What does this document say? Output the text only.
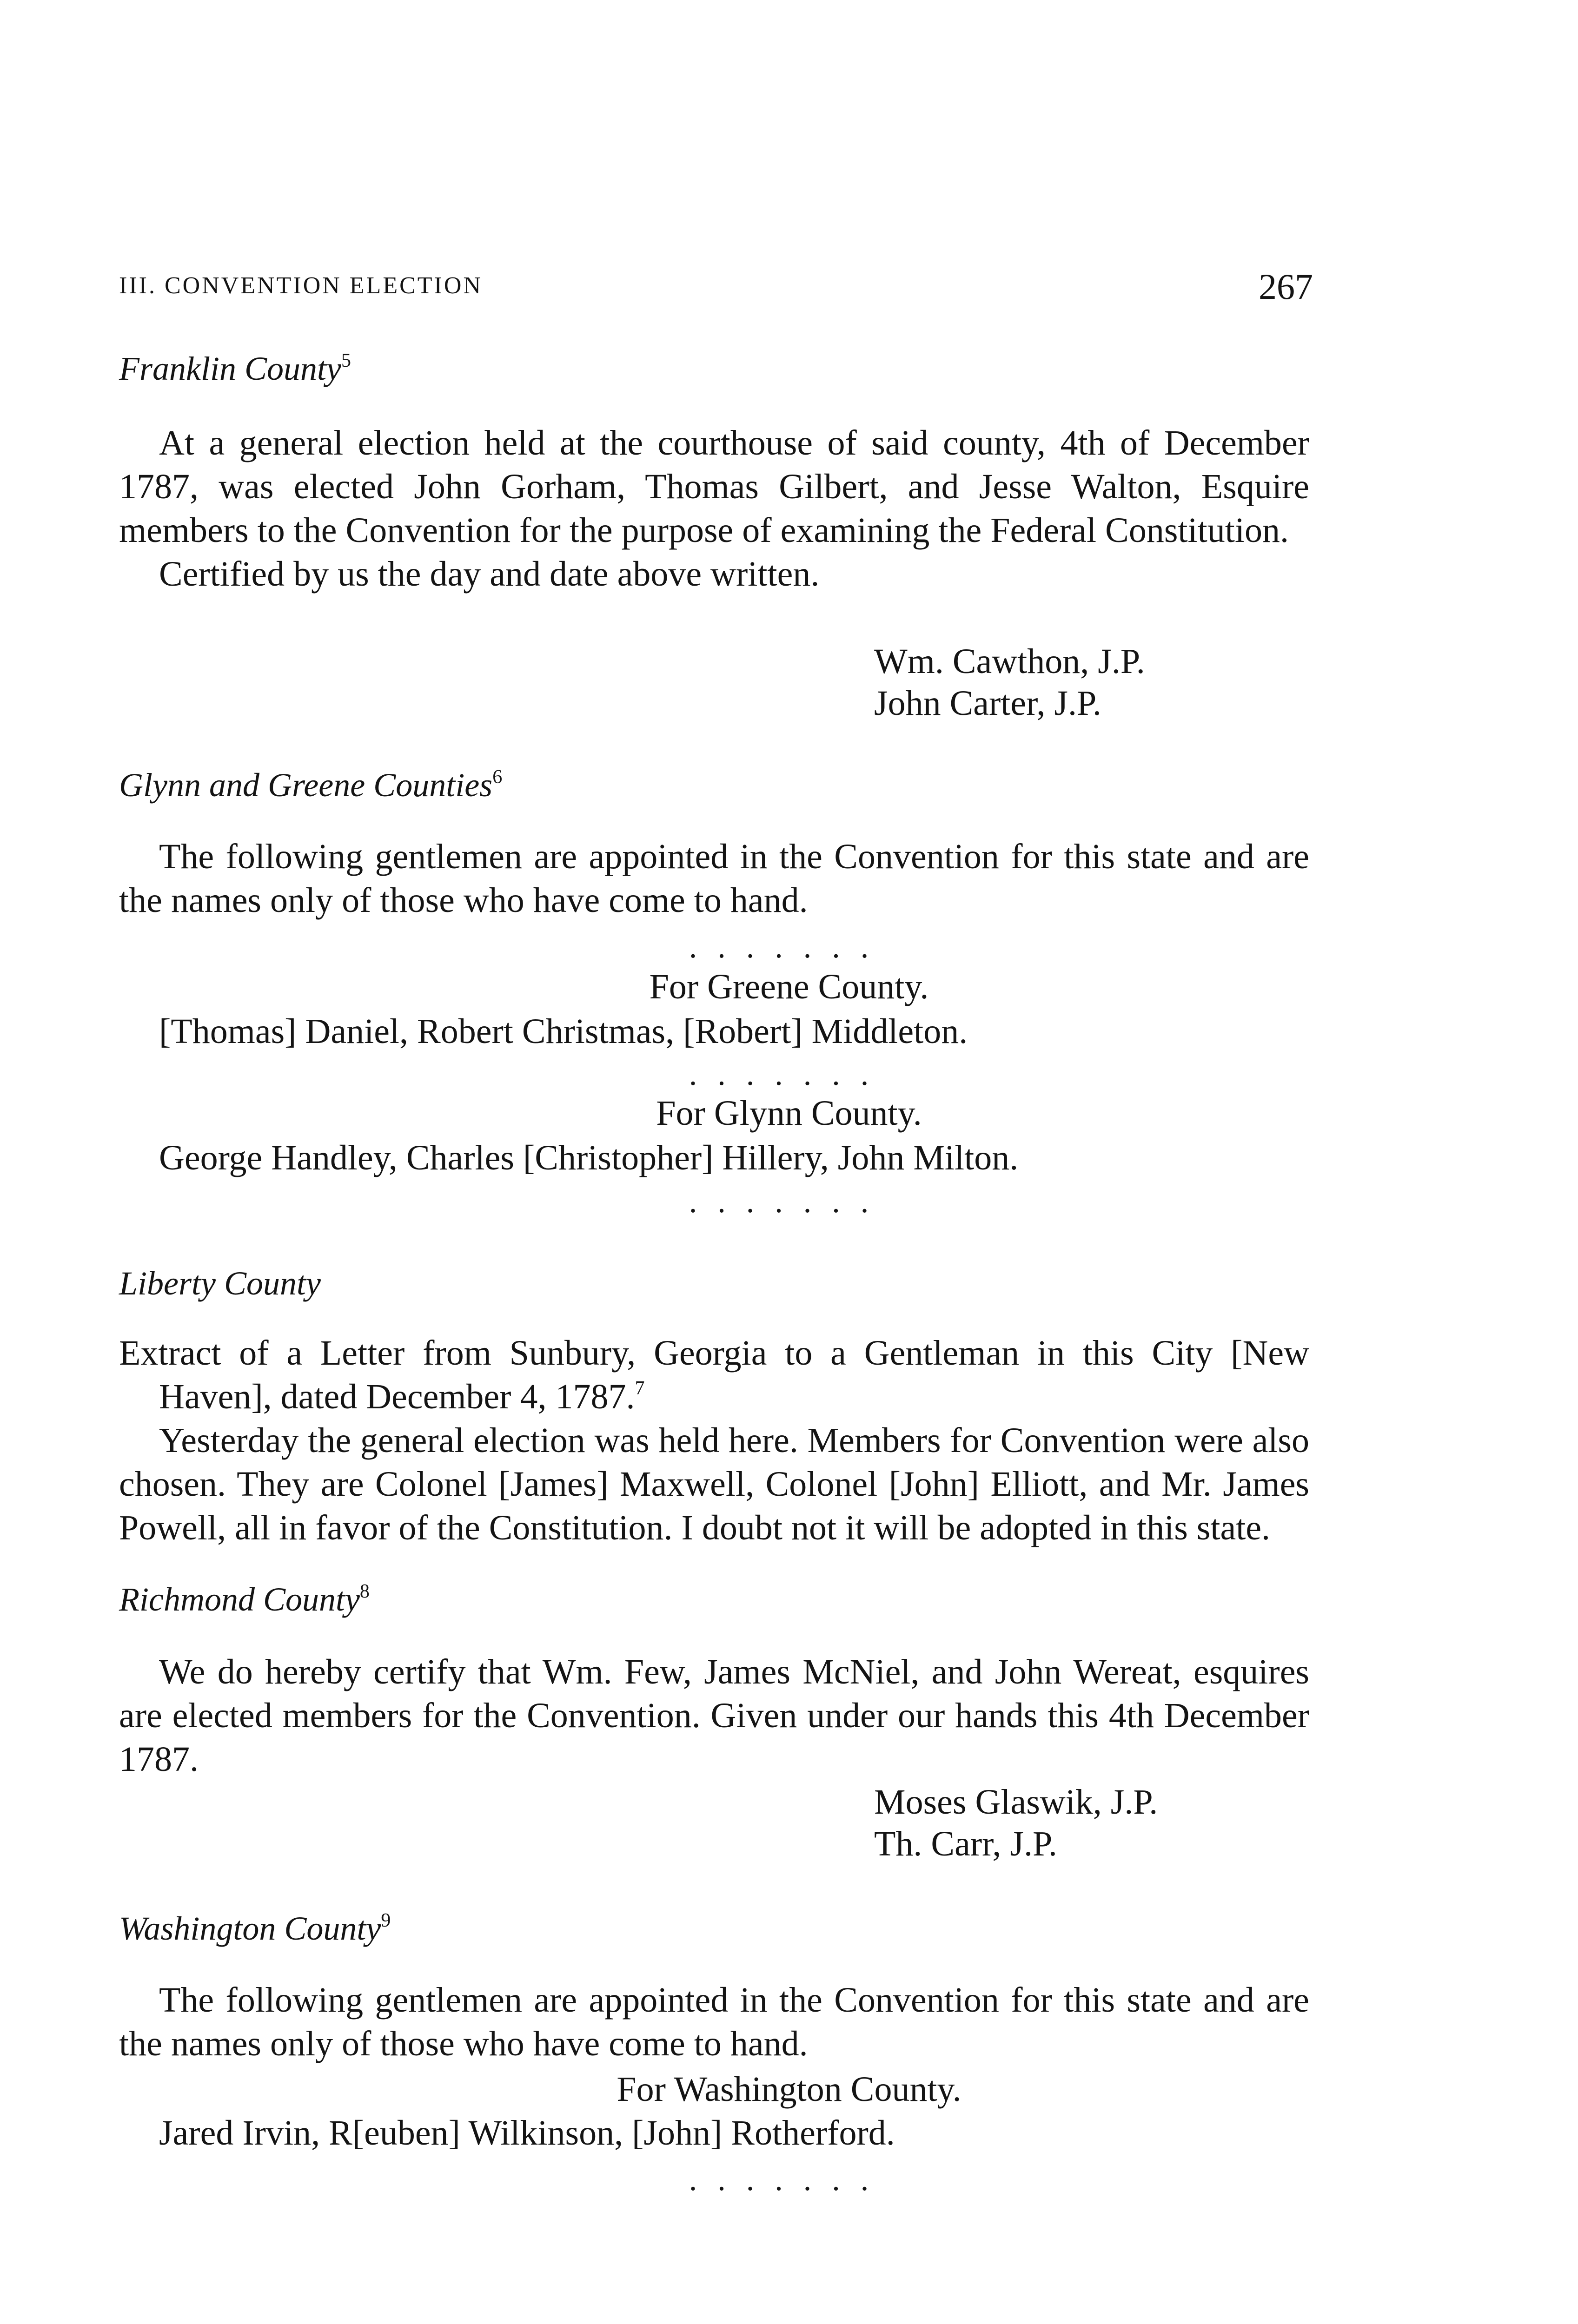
III. CONVENTION ELECTION	267
Franklin County$^5$

At a general election held at the courthouse of said county, 4th of December 1787, was elected John Gorham, Thomas Gilbert, and Jesse Walton, Esquire members to the Convention for the purpose of examining the Federal Constitution.

Certified by us the day and date above written.

Wm. Cawthon, J.P.
John Carter, J.P.
Glynn and Greene Counties$^6$

The following gentlemen are appointed in the Convention for this state and are the names only of those who have come to hand.

.......
For Greene County.
[Thomas] Daniel, Robert Christmas, [Robert] Middleton.
.......
For Glynn County.
George Handley, Charles [Christopher] Hillery, John Milton.
.......
Liberty County

Extract of a Letter from Sunbury, Georgia to a Gentleman in this City [New Haven], dated December 4, 1787.$^7$

Yesterday the general election was held here. Members for Convention were also chosen. They are Colonel [James] Maxwell, Colonel [John] Elliott, and Mr. James Powell, all in favor of the Constitution. I doubt not it will be adopted in this state.

Richmond County$^8$

We do hereby certify that Wm. Few, James McNiel, and John Wereat, esquires are elected members for the Convention. Given under our hands this 4th December 1787.

Moses Glaswik, J.P.
Th. Carr, J.P.
Washington County$^9$

The following gentlemen are appointed in the Convention for this state and are the names only of those who have come to hand.

For Washington County.
Jared Irvin, R[euben] Wilkinson, [John] Rotherford.
.......
